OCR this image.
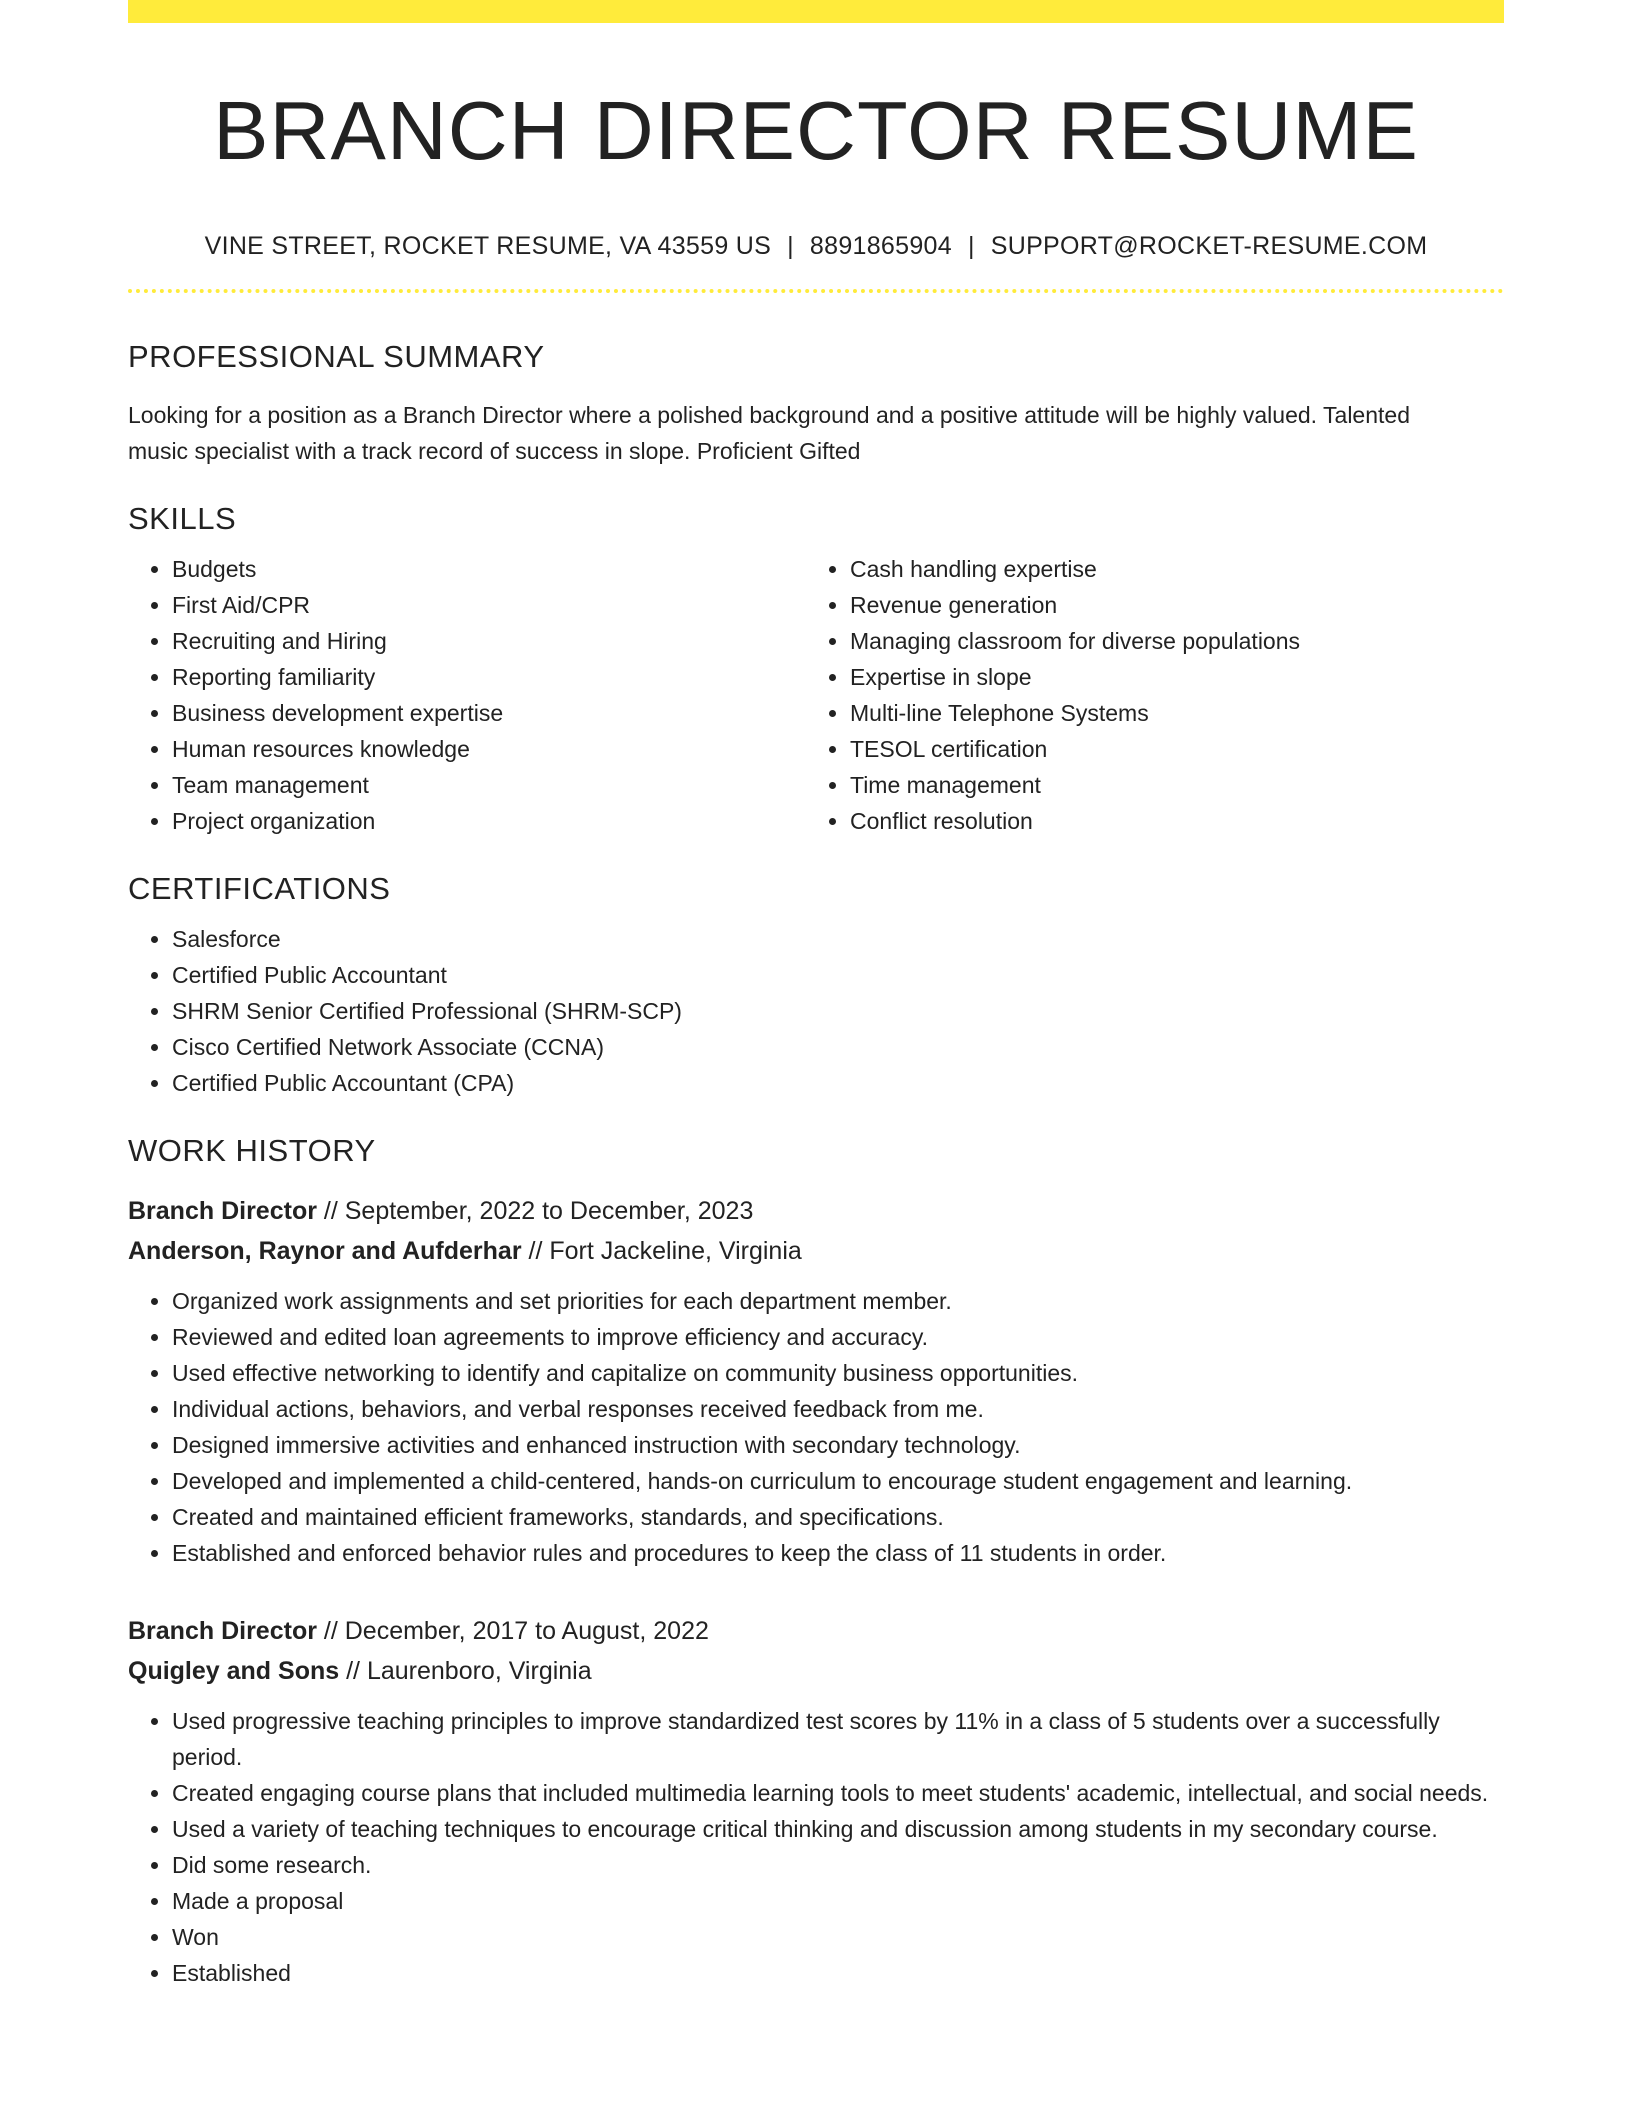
BRANCH DIRECTOR RESUME
VINE STREET, ROCKET RESUME, VA 43559 US | 8891865904 | SUPPORT@ROCKET-RESUME.COM
PROFESSIONAL SUMMARY
Looking for a position as a Branch Director where a polished background and a positive attitude will be highly valued. Talented music specialist with a track record of success in slope. Proficient Gifted
SKILLS
• Budgets
• First Aid/CPR
• Recruiting and Hiring
• Reporting familiarity
• Business development expertise
• Human resources knowledge
• Team management
• Project organization
• Cash handling expertise
• Revenue generation
• Managing classroom for diverse populations
• Expertise in slope
• Multi-line Telephone Systems
• TESOL certification
• Time management
• Conflict resolution
CERTIFICATIONS
• Salesforce
• Certified Public Accountant
• SHRM Senior Certified Professional (SHRM-SCP)
• Cisco Certified Network Associate (CCNA)
• Certified Public Accountant (CPA)
WORK HISTORY
Branch Director // September, 2022 to December, 2023
Anderson, Raynor and Aufderhar // Fort Jackeline, Virginia
• Organized work assignments and set priorities for each department member.
• Reviewed and edited loan agreements to improve efficiency and accuracy.
• Used effective networking to identify and capitalize on community business opportunities.
• Individual actions, behaviors, and verbal responses received feedback from me.
• Designed immersive activities and enhanced instruction with secondary technology.
• Developed and implemented a child-centered, hands-on curriculum to encourage student engagement and learning.
• Created and maintained efficient frameworks, standards, and specifications.
• Established and enforced behavior rules and procedures to keep the class of 11 students in order.
Branch Director // December, 2017 to August, 2022
Quigley and Sons // Laurenboro, Virginia
• Used progressive teaching principles to improve standardized test scores by 11% in a class of 5 students over a successfully period.
• Created engaging course plans that included multimedia learning tools to meet students' academic, intellectual, and social needs.
• Used a variety of teaching techniques to encourage critical thinking and discussion among students in my secondary course.
• Did some research.
• Made a proposal
• Won
• Established
